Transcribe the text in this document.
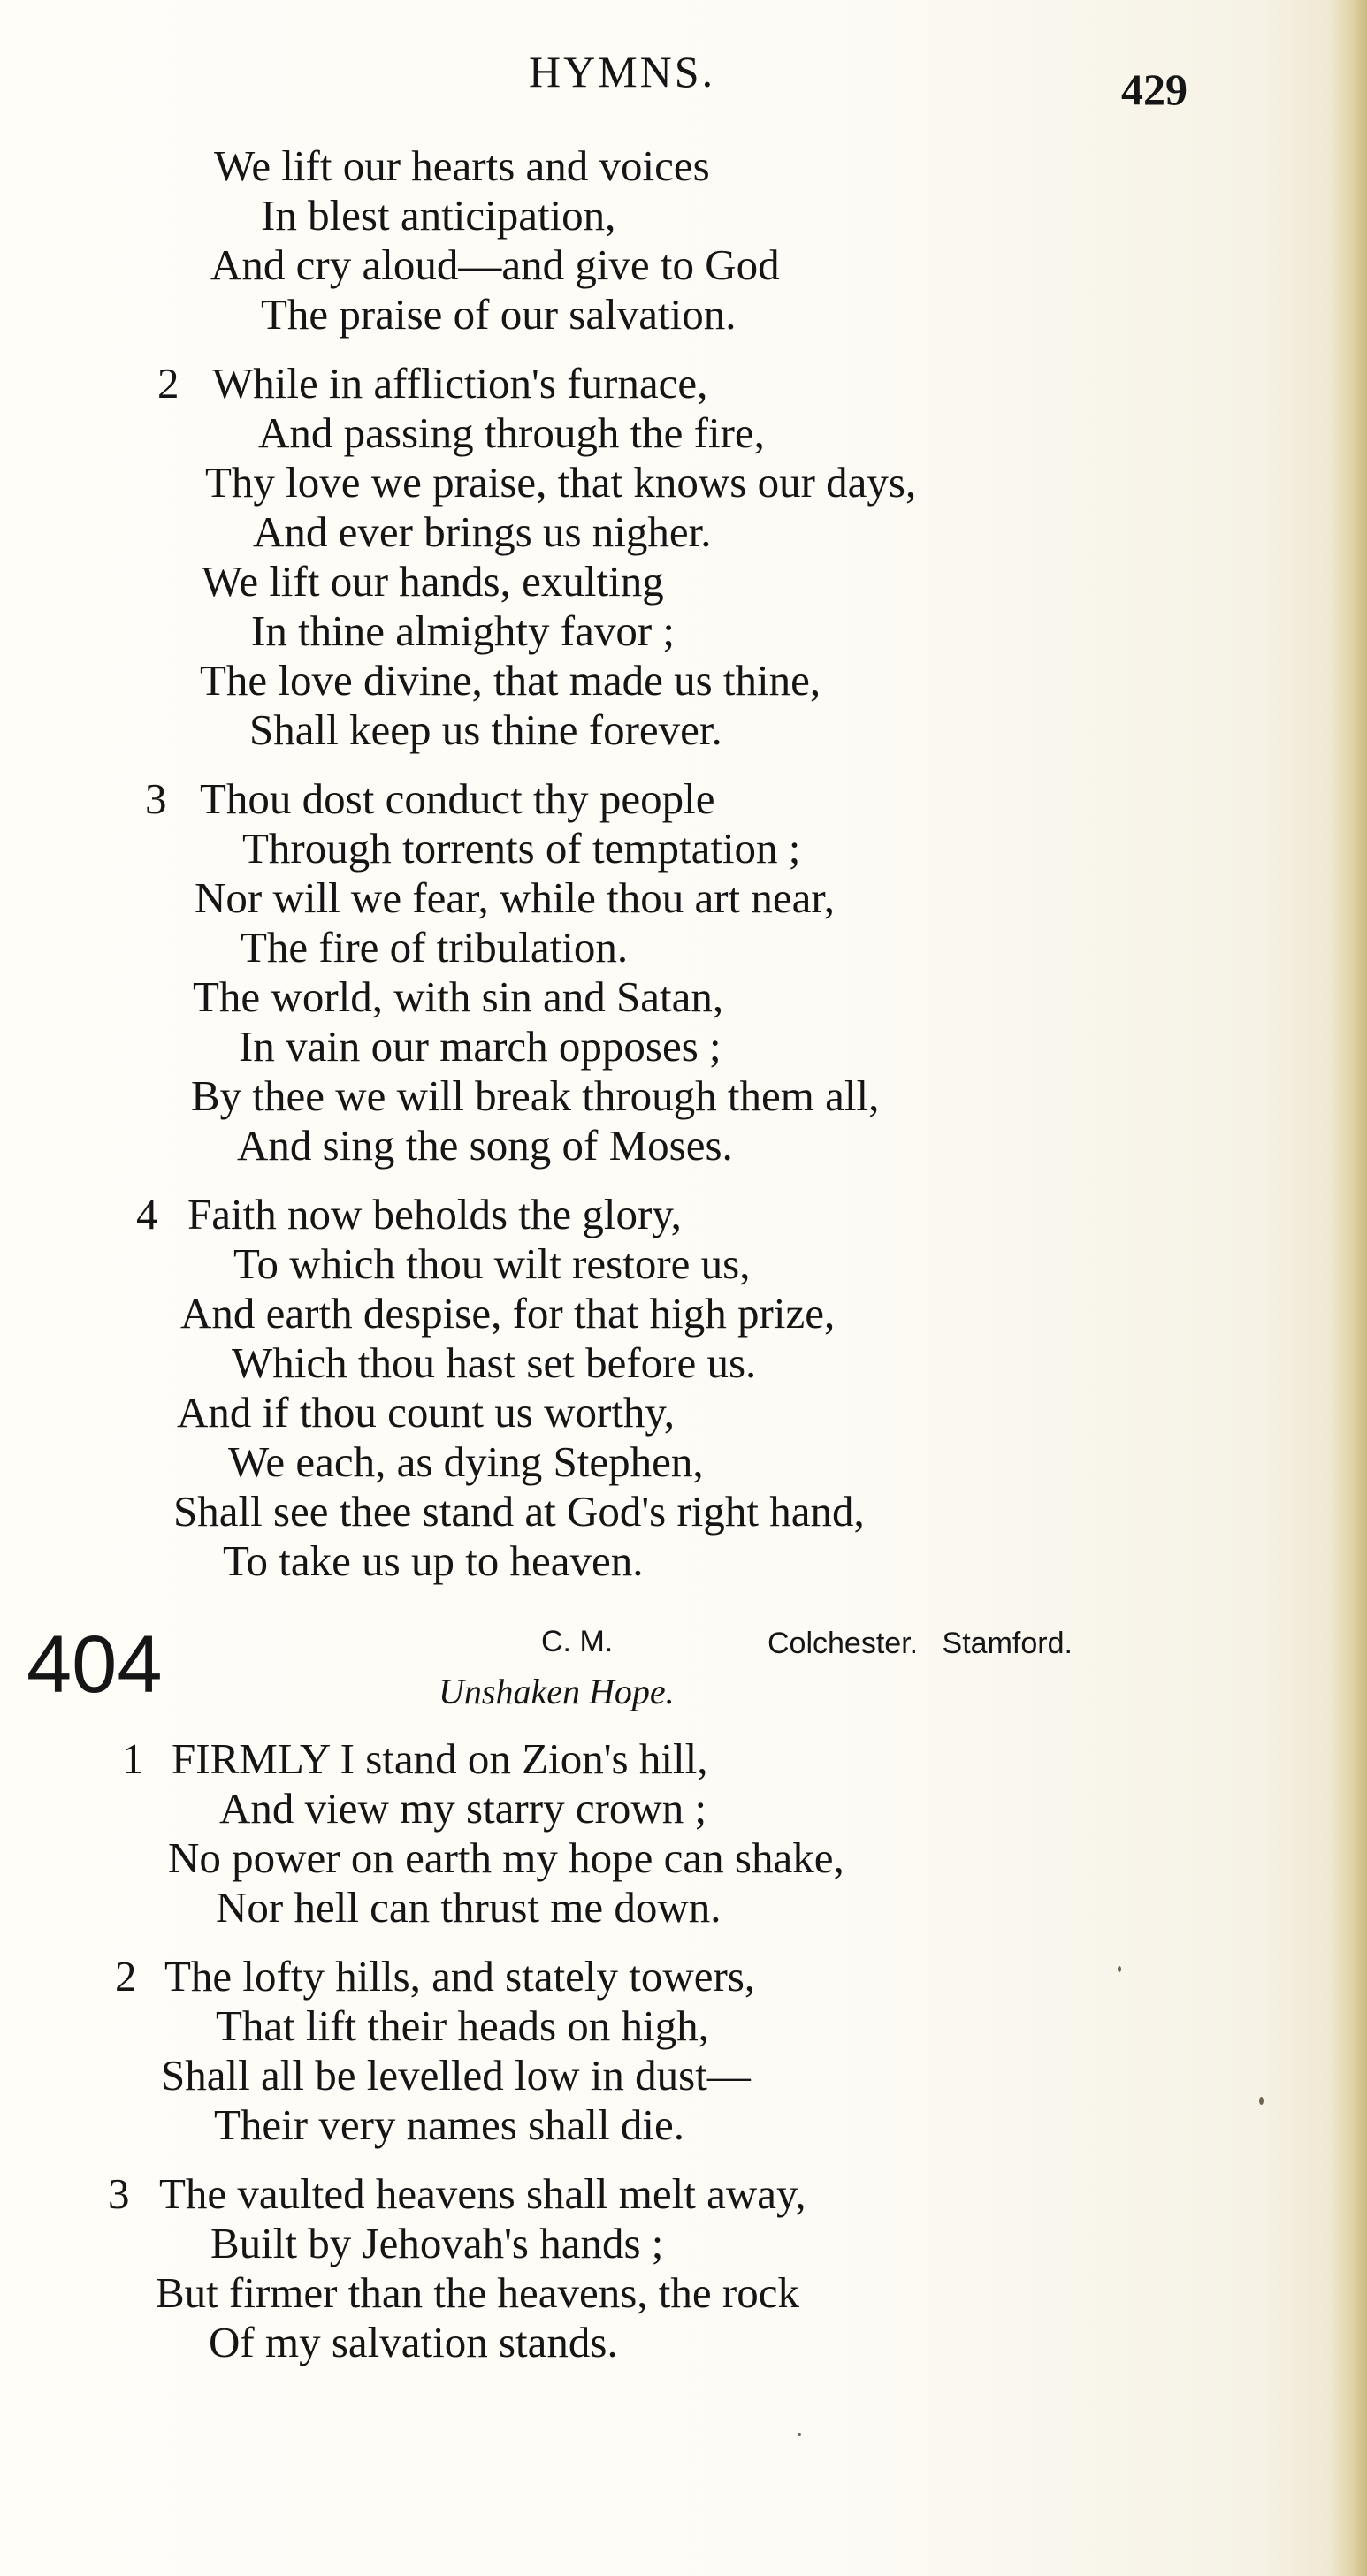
HYMNS.	429
We lift our hearts and voices
In blest anticipation,
And cry aloud—and give to God
The praise of our salvation.
2 While in affliction's furnace,
And passing through the fire,
Thy love we praise, that knows our days,
And ever brings us nigher.
We lift our hands, exulting
In thine almighty favor ;
The love divine, that made us thine,
Shall keep us thine forever.
3 Thou dost conduct thy people
Through torrents of temptation ;
Nor will we fear, while thou art near,
The fire of tribulation.
The world, with sin and Satan,
In vain our march opposes ;
By thee we will break through them all,
And sing the song of Moses.
4 Faith now beholds the glory,
To which thou wilt restore us,
And earth despise, for that high prize,
Which thou hast set before us.
And if thou count us worthy,
We each, as dying Stephen,
Shall see thee stand at God's right hand,
To take us up to heaven.
404	C. M.	Colchester. Stamford.
Unshaken Hope.
1 FIRMLY I stand on Zion's hill,
And view my starry crown ;
No power on earth my hope can shake,
Nor hell can thrust me down.
2 The lofty hills, and stately towers,
That lift their heads on high,
Shall all be levelled low in dust—
Their very names shall die.
3 The vaulted heavens shall melt away,
Built by Jehovah's hands ;
But firmer than the heavens, the rock
Of my salvation stands.
